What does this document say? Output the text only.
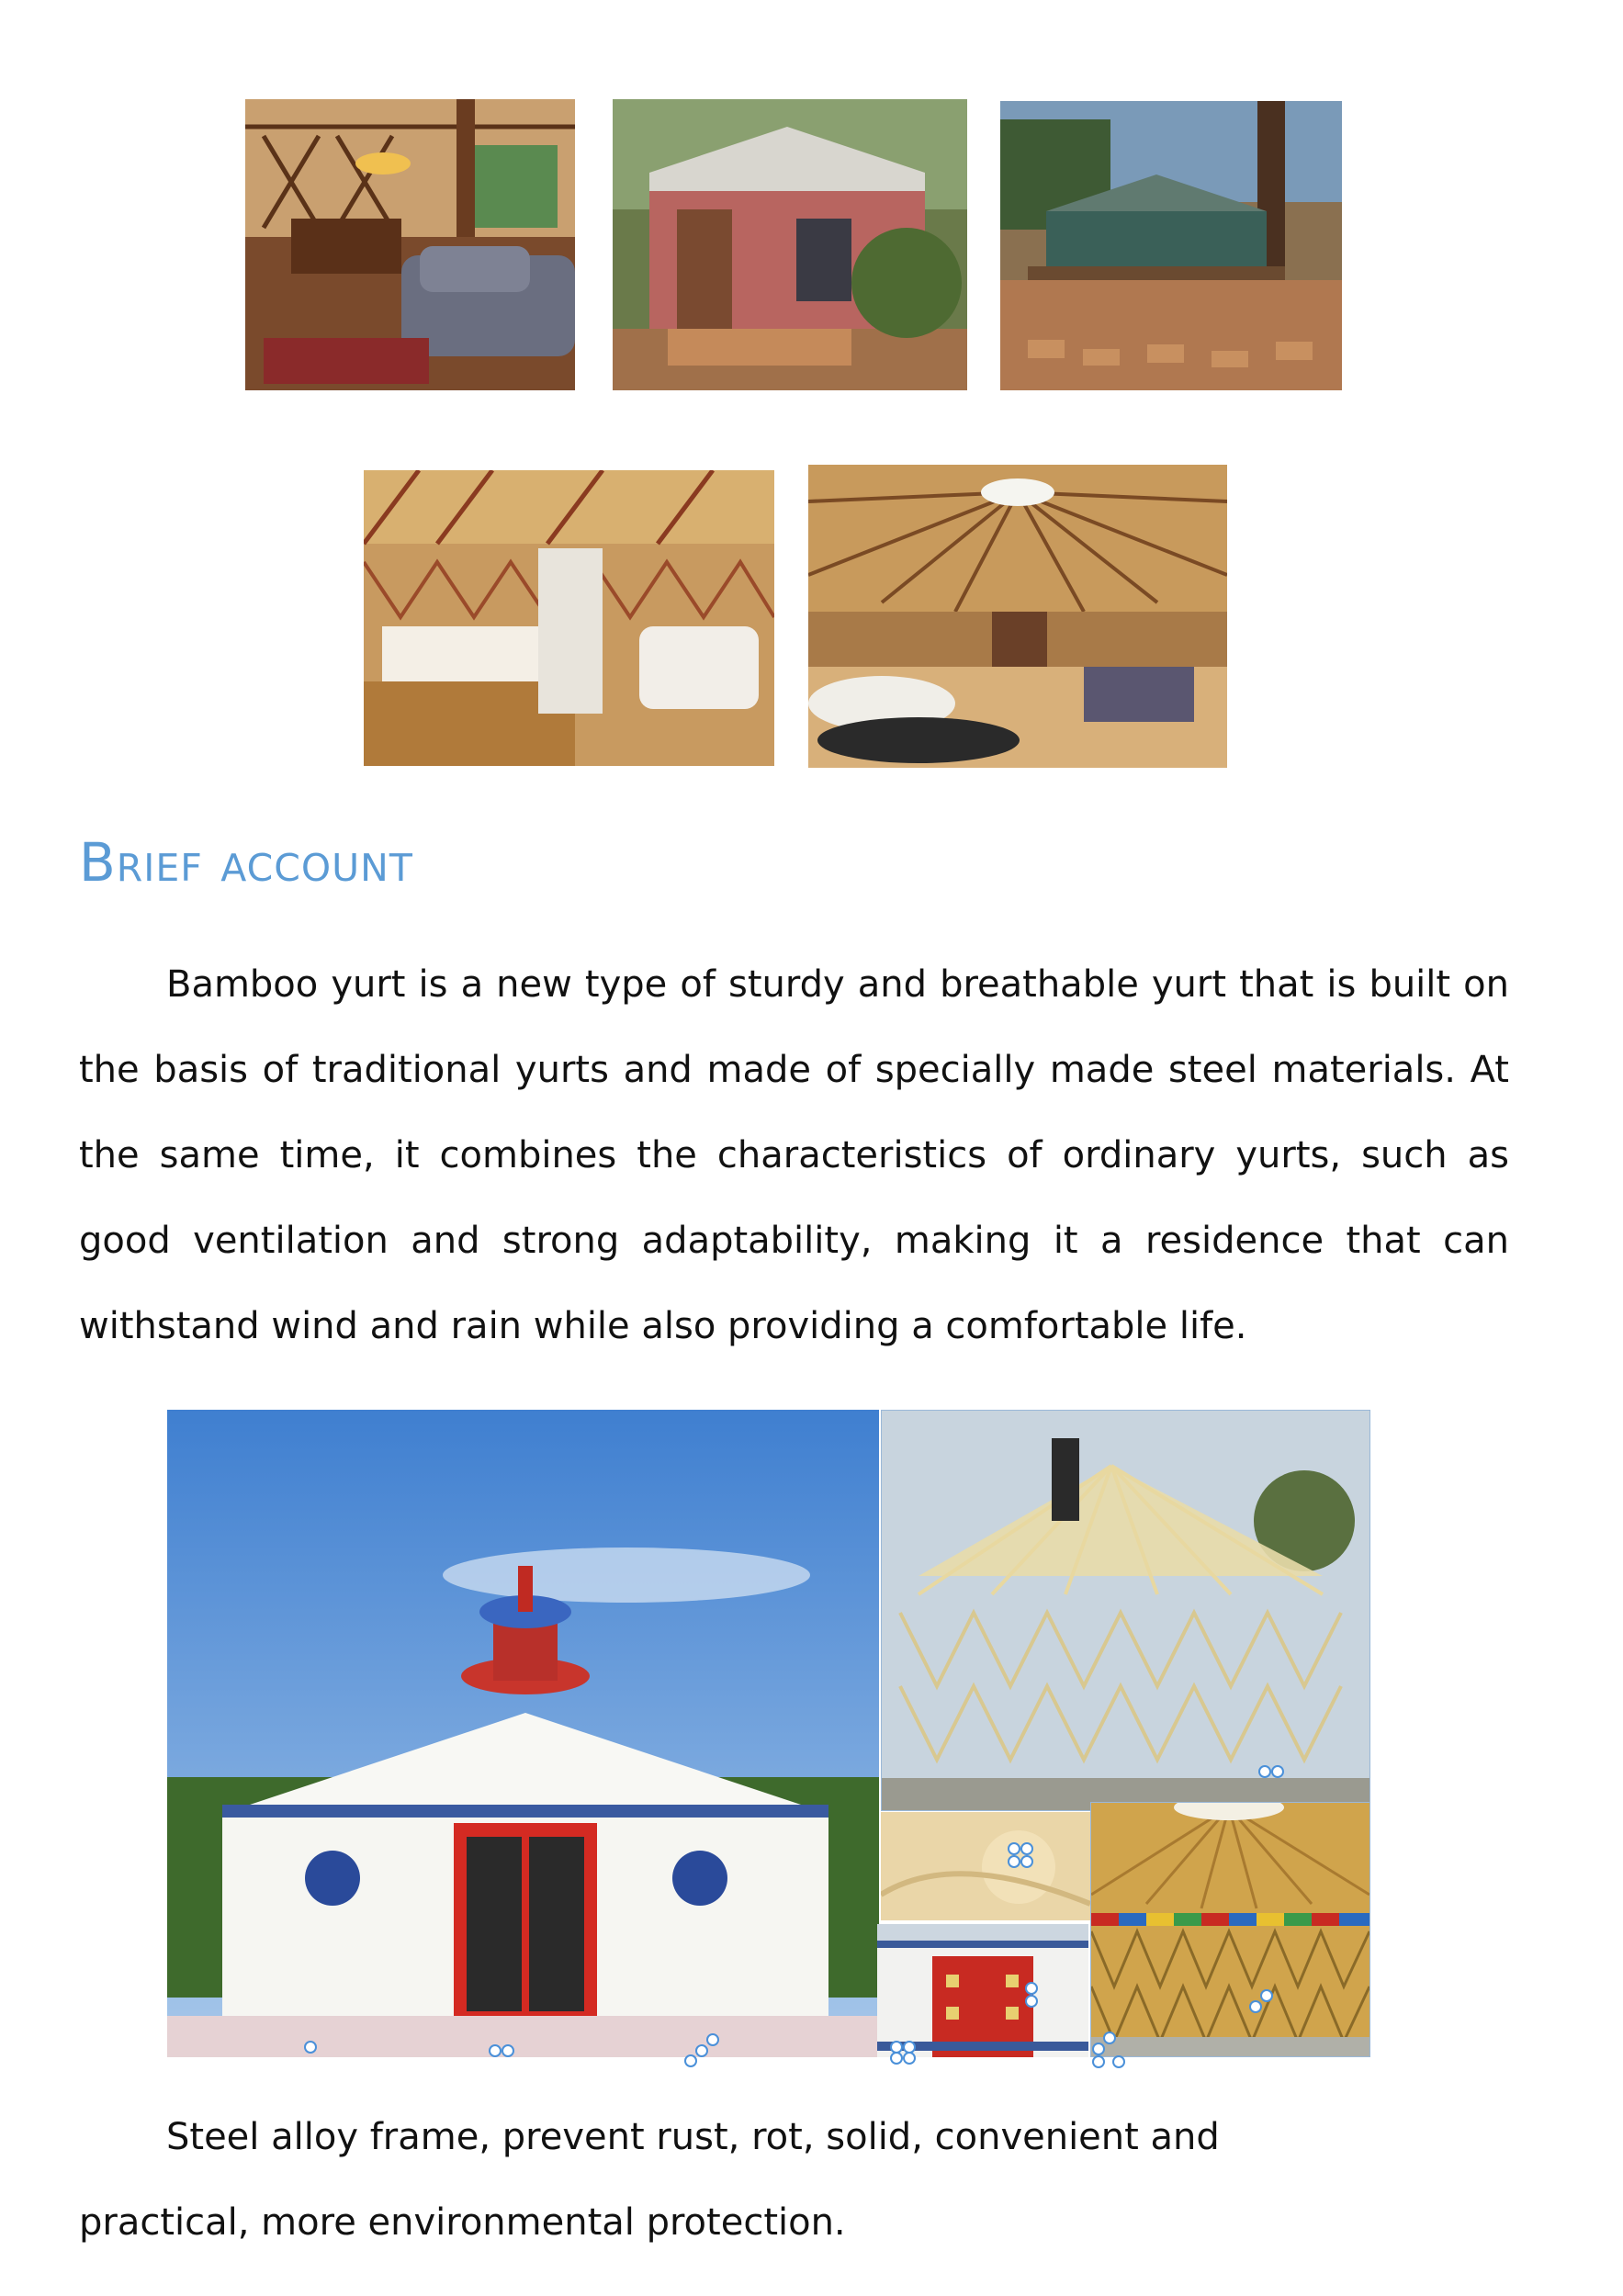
Brief account

Bamboo yurt is a new type of sturdy and breathable yurt that is built on the basis of traditional yurts and made of specially made steel materials. At the same time, it combines the characteristics of ordinary yurts, such as good ventilation and strong adaptability, making it a residence that can withstand wind and rain while also providing a comfortable life.

Steel alloy frame, prevent rust, rot, solid, convenient and practical, more environmental protection.
